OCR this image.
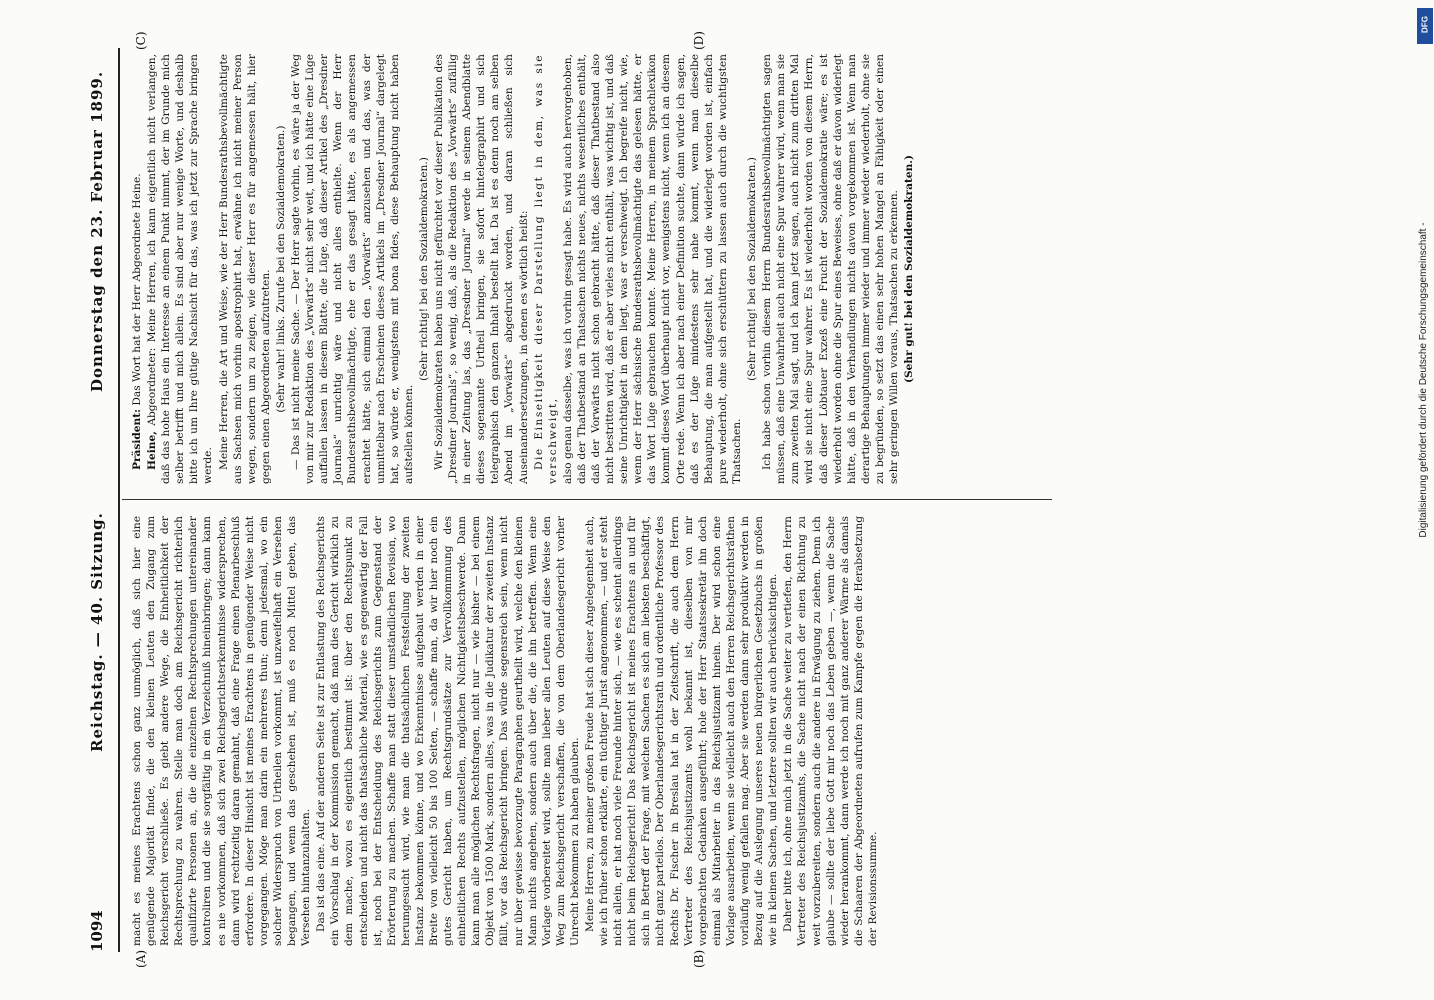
1094
Reichstag. — 40. Sitzung.
Donnerstag den 23. Februar 1899.
(A)	(B)
(C)	(D)

macht es meines Erachtens schon ganz unmöglich, daß sich hier eine genügende Majorität finde, die den kleinen Leuten den Zugang zum Reichsgericht verschließe. Es giebt andere Wege, die Einheitlichkeit der Rechtsprechung zu wahren. Stelle man doch am Reichsgericht richterlich qualifizirte Personen an, die die einzelnen Rechtsprechungen untereinander kontroliren und die sie sorgfältig in ein Verzeichniß hineinbringen; dann kann es nie vorkommen, daß sich zwei Reichsgerichtserkenntnisse widersprechen, dann wird rechtzeitig daran gemahnt, daß eine Frage einen Plenarbeschluß erfordere. In dieser Hinsicht ist meines Erachtens in genügender Weise nicht vorgegangen. Möge man darin ein mehreres thun; denn jedesmal, wo ein solcher Widerspruch von Urtheilen vorkommt, ist unzweifelhaft ein Versehen begangen, und wenn das geschehen ist, muß es noch Mittel geben, das Versehen hintanzuhalten. Das ist das eine. Auf der anderen Seite ist zur Entlastung des Reichsgerichts ein Vorschlag in der Kommission gemacht, daß man dies Gericht wirklich zu dem mache, wozu es eigentlich bestimmt ist: über den Rechtspunkt zu entscheiden und nicht das thatsächliche Material, wie es gegenwärtig der Fall ist, noch bei der Entscheidung des Reichsgerichts zum Gegenstand der Erörterung zu machen. Schaffe man statt dieser umständlichen Revision, wo herumgesucht wird, wie man die thatsächlichen Feststellung der zweiten Instanz bekommen könne, und wo Erkenntnisse aufgebaut werden in einer Breite von vielleicht 50 bis 100 Seiten, — schaffe man, da wir hier noch ein gutes Gericht haben, um Rechtsgrundsätze zur Vervollkommnung des einheitlichen Rechts aufzustellen, möglichen Nichtigkeitsbeschwerde. Dann kann man alle möglichen Rechtsfragen, nicht nur — wie bisher — bei einem Objekt von 1500 Mark, sondern alles, was in die Judikatur der zweiten Instanz fällt, vor das Reichsgericht bringen. Das würde segensreich sein, wenn nicht nur über gewisse bevorzugte Paragraphen geurtheilt wird, welche den kleinen Mann nichts angehen, sondern auch über die, die ihn betreffen. Wenn eine Vorlage vorbereitet wird, sollte man lieber allen Leuten auf diese Weise den Weg zum Reichsgericht verschaffen, die von dem Oberlandesgericht vorher Unrecht bekommen zu haben glauben. Meine Herren, zu meiner großen Freude hat sich dieser Angelegenheit auch, wie ich früher schon erklärte, ein tüchtiger Jurist angenommen, — und er steht nicht allein, er hat noch viele Freunde hinter sich, — wie es scheint allerdings nicht beim Reichsgericht! Das Reichsgericht ist meines Erachtens an und für sich in Betreff der Frage, mit welchen Sachen es sich am liebsten beschäftigt, nicht ganz parteilos. Der Oberlandesgerichtsrath und ordentliche Professor des Rechts Dr. Fischer in Breslau hat in der Zeitschrift, die auch dem Herrn Vertreter des Reichsjustizamts wohl bekannt ist, dieselben von mir vorgebrachten Gedanken ausgeführt; hole der Herr Staatssekretär ihn doch einmal als Mitarbeiter in das Reichsjustizamt hinein. Der wird schon eine Vorlage ausarbeiten, wenn sie vielleicht auch den Herren Reichsgerichtsräthen vorläufig wenig gefallen mag. Aber sie werden dann sehr produktiv werden in Bezug auf die Auslegung unseres neuen bürgerlichen Gesetzbuchs in großen wie in kleinen Sachen, und letztere sollten wir auch berücksichtigen. Daher bitte ich, ohne mich jetzt in die Sache weiter zu vertiefen, den Herrn Vertreter des Reichsjustizamts, die Sache nicht nach der einen Richtung zu weit vorzubereiten, sondern auch die andere in Erwägung zu ziehen. Denn ich glaube — sollte der liebe Gott mir noch das Leben geben —, wenn die Sache wieder herankommt, dann werde ich noch mit ganz anderer Wärme als damals die Schaaren der Abgeordneten aufrufen zum Kampfe gegen die Herabsetzung der Revisionssumme.

Präsident: Das Wort hat der Herr Abgeordnete Heine.

Heine, Abgeordneter: Meine Herren, ich kann eigentlich nicht verlangen, daß das hohe Haus ein Interesse an einem Punkt nimmt, der im Grunde mich selber betrifft und mich allein. Es sind aber nur wenige Worte, und deshalb bitte ich um Ihre gütige Nachsicht für das, was ich jetzt zur Sprache bringen werde. Meine Herren, die Art und Weise, wie der Herr Bundesrathsbevollmächtigte aus Sachsen mich vorhin apostrophirt hat, erwähne ich nicht meiner Person wegen, sondern um zu zeigen, wie dieser Herr es für angemessen hält, hier gegen einen Abgeordneten aufzutreten. (Sehr wahr! links. Zurufe bei den Sozialdemokraten.) — Das ist nicht meine Sache. — Der Herr sagte vorhin, es wäre ja der Weg von mir zur Redaktion des „Vorwärts“ nicht sehr weit, und ich hätte eine Lüge auffallen lassen in diesem Blatte, die Lüge, daß dieser Artikel des „Dresdner Journals“ unrichtig wäre und nicht alles enthielte. Wenn der Herr Bundesrathsbevollmächtigte, ehe er das gesagt hätte, es als angemessen erachtet hätte, sich einmal den „Vorwärts“ anzusehen und das, was der unmittelbar nach Erscheinen dieses Artikels im „Dresdner Journal“ dargelegt hat, so würde er, wenigstens mit bona fides, diese Behauptung nicht haben aufstellen können.

(Sehr richtig! bei den Sozialdemokraten.) Wir Sozialdemokraten haben uns nicht gefürchtet vor dieser Publikation des „Dresdner Journals“, so wenig, daß, als die Redaktion des „Vorwärts“ zufällig in einer Zeitung las, das „Dresdner Journal“ werde in seinem Abendblatte dieses sogenannte Urtheil bringen, sie sofort hintelegraphirt und sich telegraphisch den ganzen Inhalt bestellt hat. Da ist es denn noch am selben Abend im „Vorwärts“ abgedruckt worden, und daran schließen sich Auseinandersetzungen, in denen es wörtlich heißt: Die Einseitigkeit dieser Darstellung liegt in dem, was sie verschweigt, also genau dasselbe, was ich vorhin gesagt habe. Es wird auch hervorgehoben, daß der Thatbestand an Thatsachen nichts neues, nichts wesentliches enthält, daß der Vorwärts nicht schon gebracht hätte, daß dieser Thatbestand also nicht bestritten wird, daß er aber vieles nicht enthält, was wichtig ist, und daß seine Unrichtigkeit in dem liegt, was er verschweigt. Ich begreife nicht, wie, wenn der Herr sächsische Bundesrathsbevollmächtigte das gelesen hätte, er das Wort Lüge gebrauchen konnte. Meine Herren, in meinem Sprachlexikon kommt dieses Wort überhaupt nicht vor, wenigstens nicht, wenn ich an diesem Orte rede. Wenn ich aber nach einer Definition suchte, dann würde ich sagen, daß es der Lüge mindestens sehr nahe kommt, wenn man dieselbe Behauptung, die man aufgestellt hat, und die widerlegt worden ist, einfach pure wiederholt, ohne sich erschüttern zu lassen auch durch die wuchtigsten Thatsachen.

(Sehr richtig! bei den Sozialdemokraten.) Ich habe schon vorhin diesem Herrn Bundesrathsbevollmächtigten sagen müssen, daß eine Unwahrheit auch nicht eine Spur wahrer wird, wenn man sie zum zweiten Mal sagt, und ich kann jetzt sagen, auch nicht zum dritten Mal wird sie nicht eine Spur wahrer. Es ist wiederholt worden von diesem Herrn, daß dieser Löbtauer Exzeß eine Frucht der Sozialdemokratie wäre; es ist wiederholt worden ohne die Spur eines Beweises, ohne daß er davon widerlegt hätte, daß in den Verhandlungen nichts davon vorgekommen ist. Wenn man derartige Behauptungen immer wieder und immer wieder wiederholt, ohne sie zu begründen, so setzt das einen sehr hohen Mangel an Fähigkeit oder einen sehr geringen Willen voraus, Thatsachen zu erkennen. (Sehr gut! bei den Sozialdemokraten.)

DFG
Digitalisierung gefördert durch die Deutsche Forschungsgemeinschaft -
